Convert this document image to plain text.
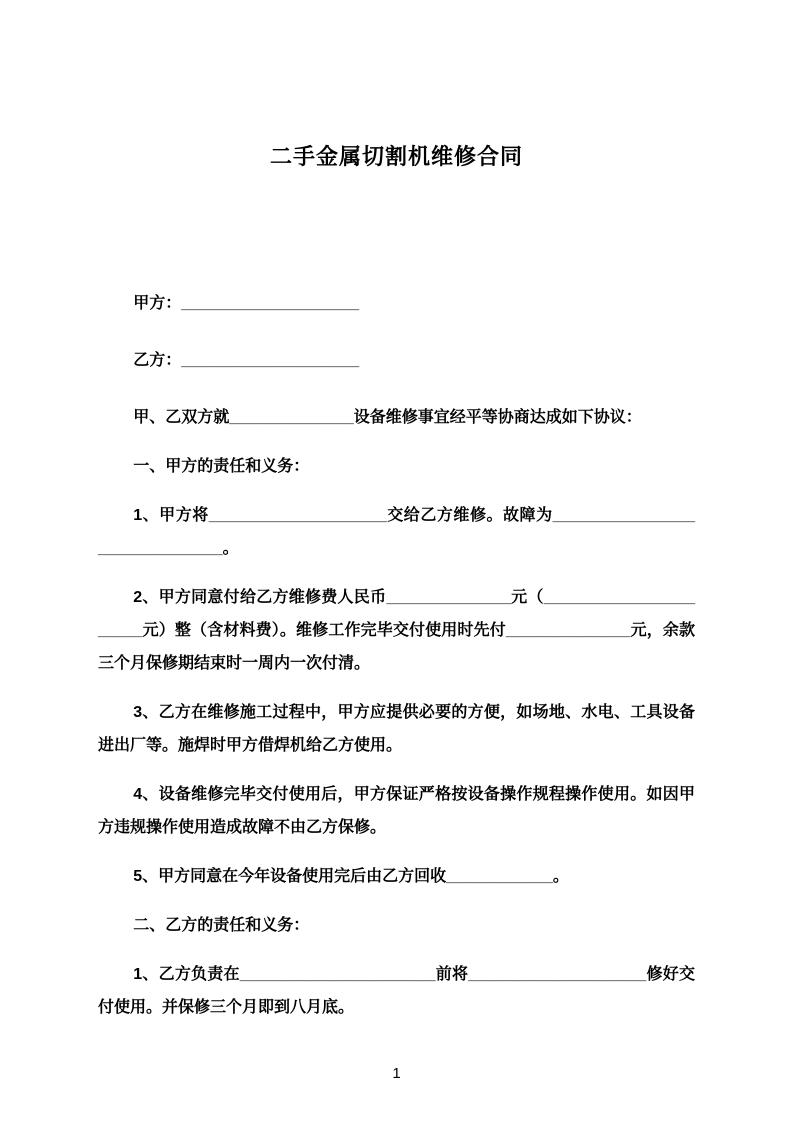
二手金属切割机维修合同

甲方：____________________

乙方：____________________

甲、乙双方就______________设备维修事宜经平等协商达成如下协议：

一、甲方的责任和义务：

1、甲方将____________________交给乙方维修。故障为______________________________。

2、甲方同意付给乙方维修费人民币______________元（______________________元）整（含材料费）。维修工作完毕交付使用时先付______________元，余款三个月保修期结束时一周内一次付清。

3、乙方在维修施工过程中，甲方应提供必要的方便，如场地、水电、工具设备进出厂等。施焊时甲方借焊机给乙方使用。

4、设备维修完毕交付使用后，甲方保证严格按设备操作规程操作使用。如因甲方违规操作使用造成故障不由乙方保修。

5、甲方同意在今年设备使用完后由乙方回收____________。

二、乙方的责任和义务：

1、乙方负责在______________________前将____________________修好交付使用。并保修三个月即到八月底。

1
